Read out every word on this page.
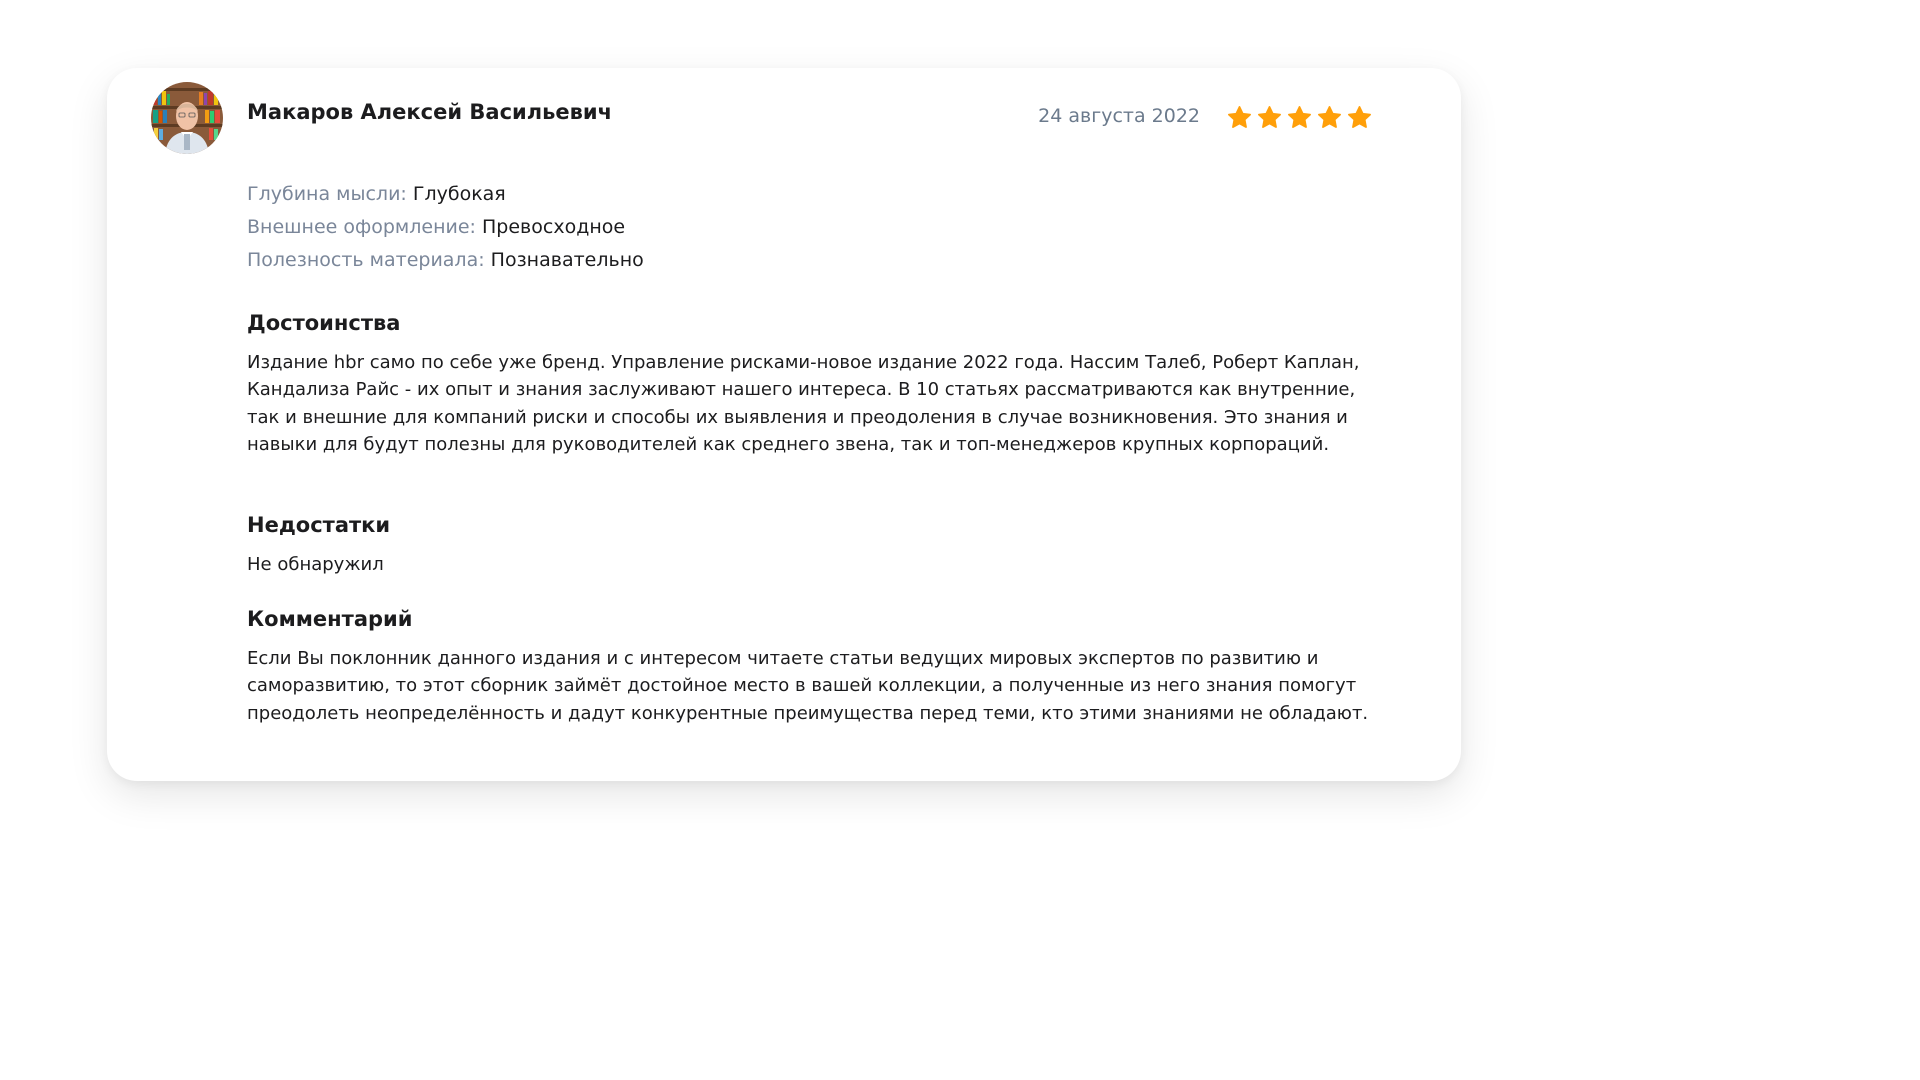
Макаров Алексей Васильевич	24 августа 2022
Глубина мысли: Глубокая
Внешнее оформление: Превосходное
Полезность материала: Познавательно
Достоинства

Издание hbr само по себе уже бренд. Управление рисками-новое издание 2022 года. Нассим Талеб, Роберт Каплан, Кандализа Райс - их опыт и знания заслуживают нашего интереса. В 10 статьях рассматриваются как внутренние, так и внешние для компаний риски и способы их выявления и преодоления в случае возникновения. Это знания и навыки для будут полезны для руководителей как среднего звена, так и топ-менеджеров крупных корпораций.

Недостатки

Не обнаружил

Комментарий

Если Вы поклонник данного издания и с интересом читаете статьи ведущих мировых экспертов по развитию и саморазвитию, то этот сборник займёт достойное место в вашей коллекции, а полученные из него знания помогут преодолеть неопределённость и дадут конкурентные преимущества перед теми, кто этими знаниями не обладают.
